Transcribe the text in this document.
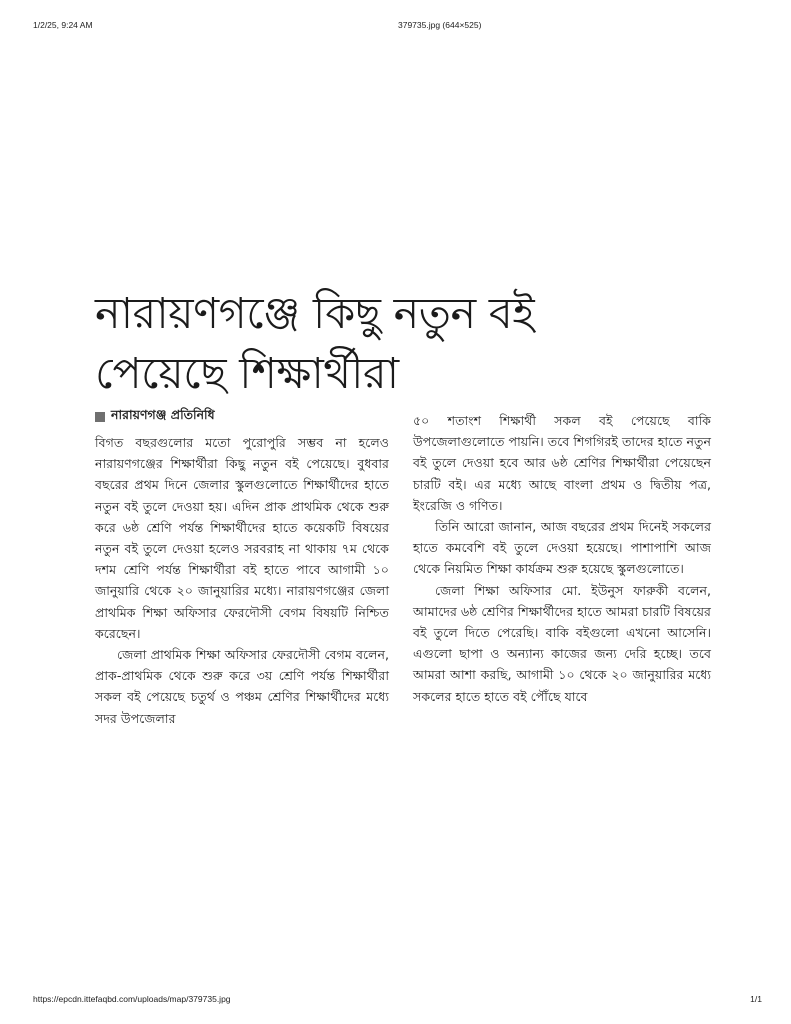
1/2/25, 9:24 AM	379735.jpg (644×525)
নারায়ণগঞ্জে কিছু নতুন বই
পেয়েছে শিক্ষার্থীরা
নারায়ণগঞ্জ প্রতিনিধি

বিগত বছরগুলোর মতো পুরোপুরি সম্ভব না হলেও নারায়ণগঞ্জের শিক্ষার্থীরা কিছু নতুন বই পেয়েছে। বুধবার বছরের প্রথম দিনে জেলার স্কুলগুলোতে শিক্ষার্থীদের হাতে নতুন বই তুলে দেওয়া হয়। এদিন প্রাক প্রাথমিক থেকে শুরু করে ৬ষ্ঠ শ্রেণি পর্যন্ত শিক্ষার্থীদের হাতে কয়েকটি বিষয়ের নতুন বই তুলে দেওয়া হলেও সরবরাহ না থাকায় ৭ম থেকে দশম শ্রেণি পর্যন্ত শিক্ষার্থীরা বই হাতে পাবে আগামী ১০ জানুয়ারি থেকে ২০ জানুয়ারির মধ্যে। নারায়ণগঞ্জের জেলা প্রাথমিক শিক্ষা অফিসার ফেরদৌসী বেগম বিষয়টি নিশ্চিত করেছেন।

জেলা প্রাথমিক শিক্ষা অফিসার ফেরদৌসী বেগম বলেন, প্রাক-প্রাথমিক থেকে শুরু করে ৩য় শ্রেণি পর্যন্ত শিক্ষার্থীরা সকল বই পেয়েছে চতুর্থ ও পঞ্চম শ্রেণির শিক্ষার্থীদের মধ্যে সদর উপজেলার

৫০ শতাংশ শিক্ষার্থী সকল বই পেয়েছে বাকি উপজেলাগুলোতে পায়নি। তবে শিগগিরই তাদের হাতে নতুন বই তুলে দেওয়া হবে আর ৬ষ্ঠ শ্রেণির শিক্ষার্থীরা পেয়েছেন চারটি বই। এর মধ্যে আছে বাংলা প্রথম ও দ্বিতীয় পত্র, ইংরেজি ও গণিত।

তিনি আরো জানান, আজ বছরের প্রথম দিনেই সকলের হাতে কমবেশি বই তুলে দেওয়া হয়েছে। পাশাপাশি আজ থেকে নিয়মিত শিক্ষা কার্যক্রম শুরু হয়েছে স্কুলগুলোতে।

জেলা শিক্ষা অফিসার মো. ইউনুস ফারুকী বলেন, আমাদের ৬ষ্ঠ শ্রেণির শিক্ষার্থীদের হাতে আমরা চারটি বিষয়ের বই তুলে দিতে পেরেছি। বাকি বইগুলো এখনো আসেনি। এগুলো ছাপা ও অন্যান্য কাজের জন্য দেরি হচ্ছে। তবে আমরা আশা করছি, আগামী ১০ থেকে ২০ জানুয়ারির মধ্যে সকলের হাতে হাতে বই পৌঁছে যাবে

https://epcdn.ittefaqbd.com/uploads/map/379735.jpg	1/1
